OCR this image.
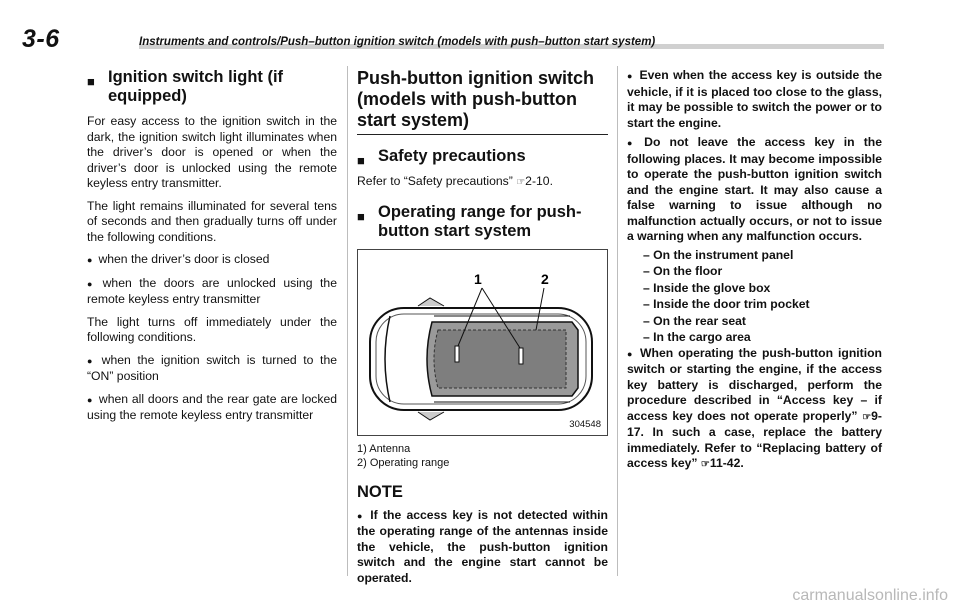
3-6	Instruments and controls/Push–button ignition switch (models with push–button start system)
■ Ignition switch light (if equipped)

For easy access to the ignition switch in the dark, the ignition switch light illuminates when the driver’s door is opened or when the driver’s door is unlocked using the remote keyless entry transmitter.

The light remains illuminated for several tens of seconds and then gradually turns off under the following conditions.

● when the driver’s door is closed
● when the doors are unlocked using the remote keyless entry transmitter

The light turns off immediately under the following conditions.

● when the ignition switch is turned to the “ON” position
● when all doors and the rear gate are locked using the remote keyless entry transmitter
Push-button ignition switch (models with push-button start system)
■ Safety precautions

Refer to “Safety precautions” ☞2-10.

■ Operating range for push-button start system
1	2
304548
1) Antenna
2) Operating range
NOTE
● If the access key is not detected within the operating range of the antennas inside the vehicle, the push-button ignition switch and the engine start cannot be operated.
● Even when the access key is outside the vehicle, if it is placed too close to the glass, it may be possible to switch the power or to start the engine.
● Do not leave the access key in the following places. It may become impossible to operate the push-button ignition switch and the engine start. It may also cause a false warning to issue although no malfunction actually occurs, or not to issue a warning when any malfunction occurs.
– On the instrument panel
– On the floor
– Inside the glove box
– Inside the door trim pocket
– On the rear seat
– In the cargo area
● When operating the push-button ignition switch or starting the engine, if the access key battery is discharged, perform the procedure described in “Access key – if access key does not operate properly” ☞9-17. In such a case, replace the battery immediately. Refer to “Replacing battery of access key” ☞11-42.
carmanualsonline.info
